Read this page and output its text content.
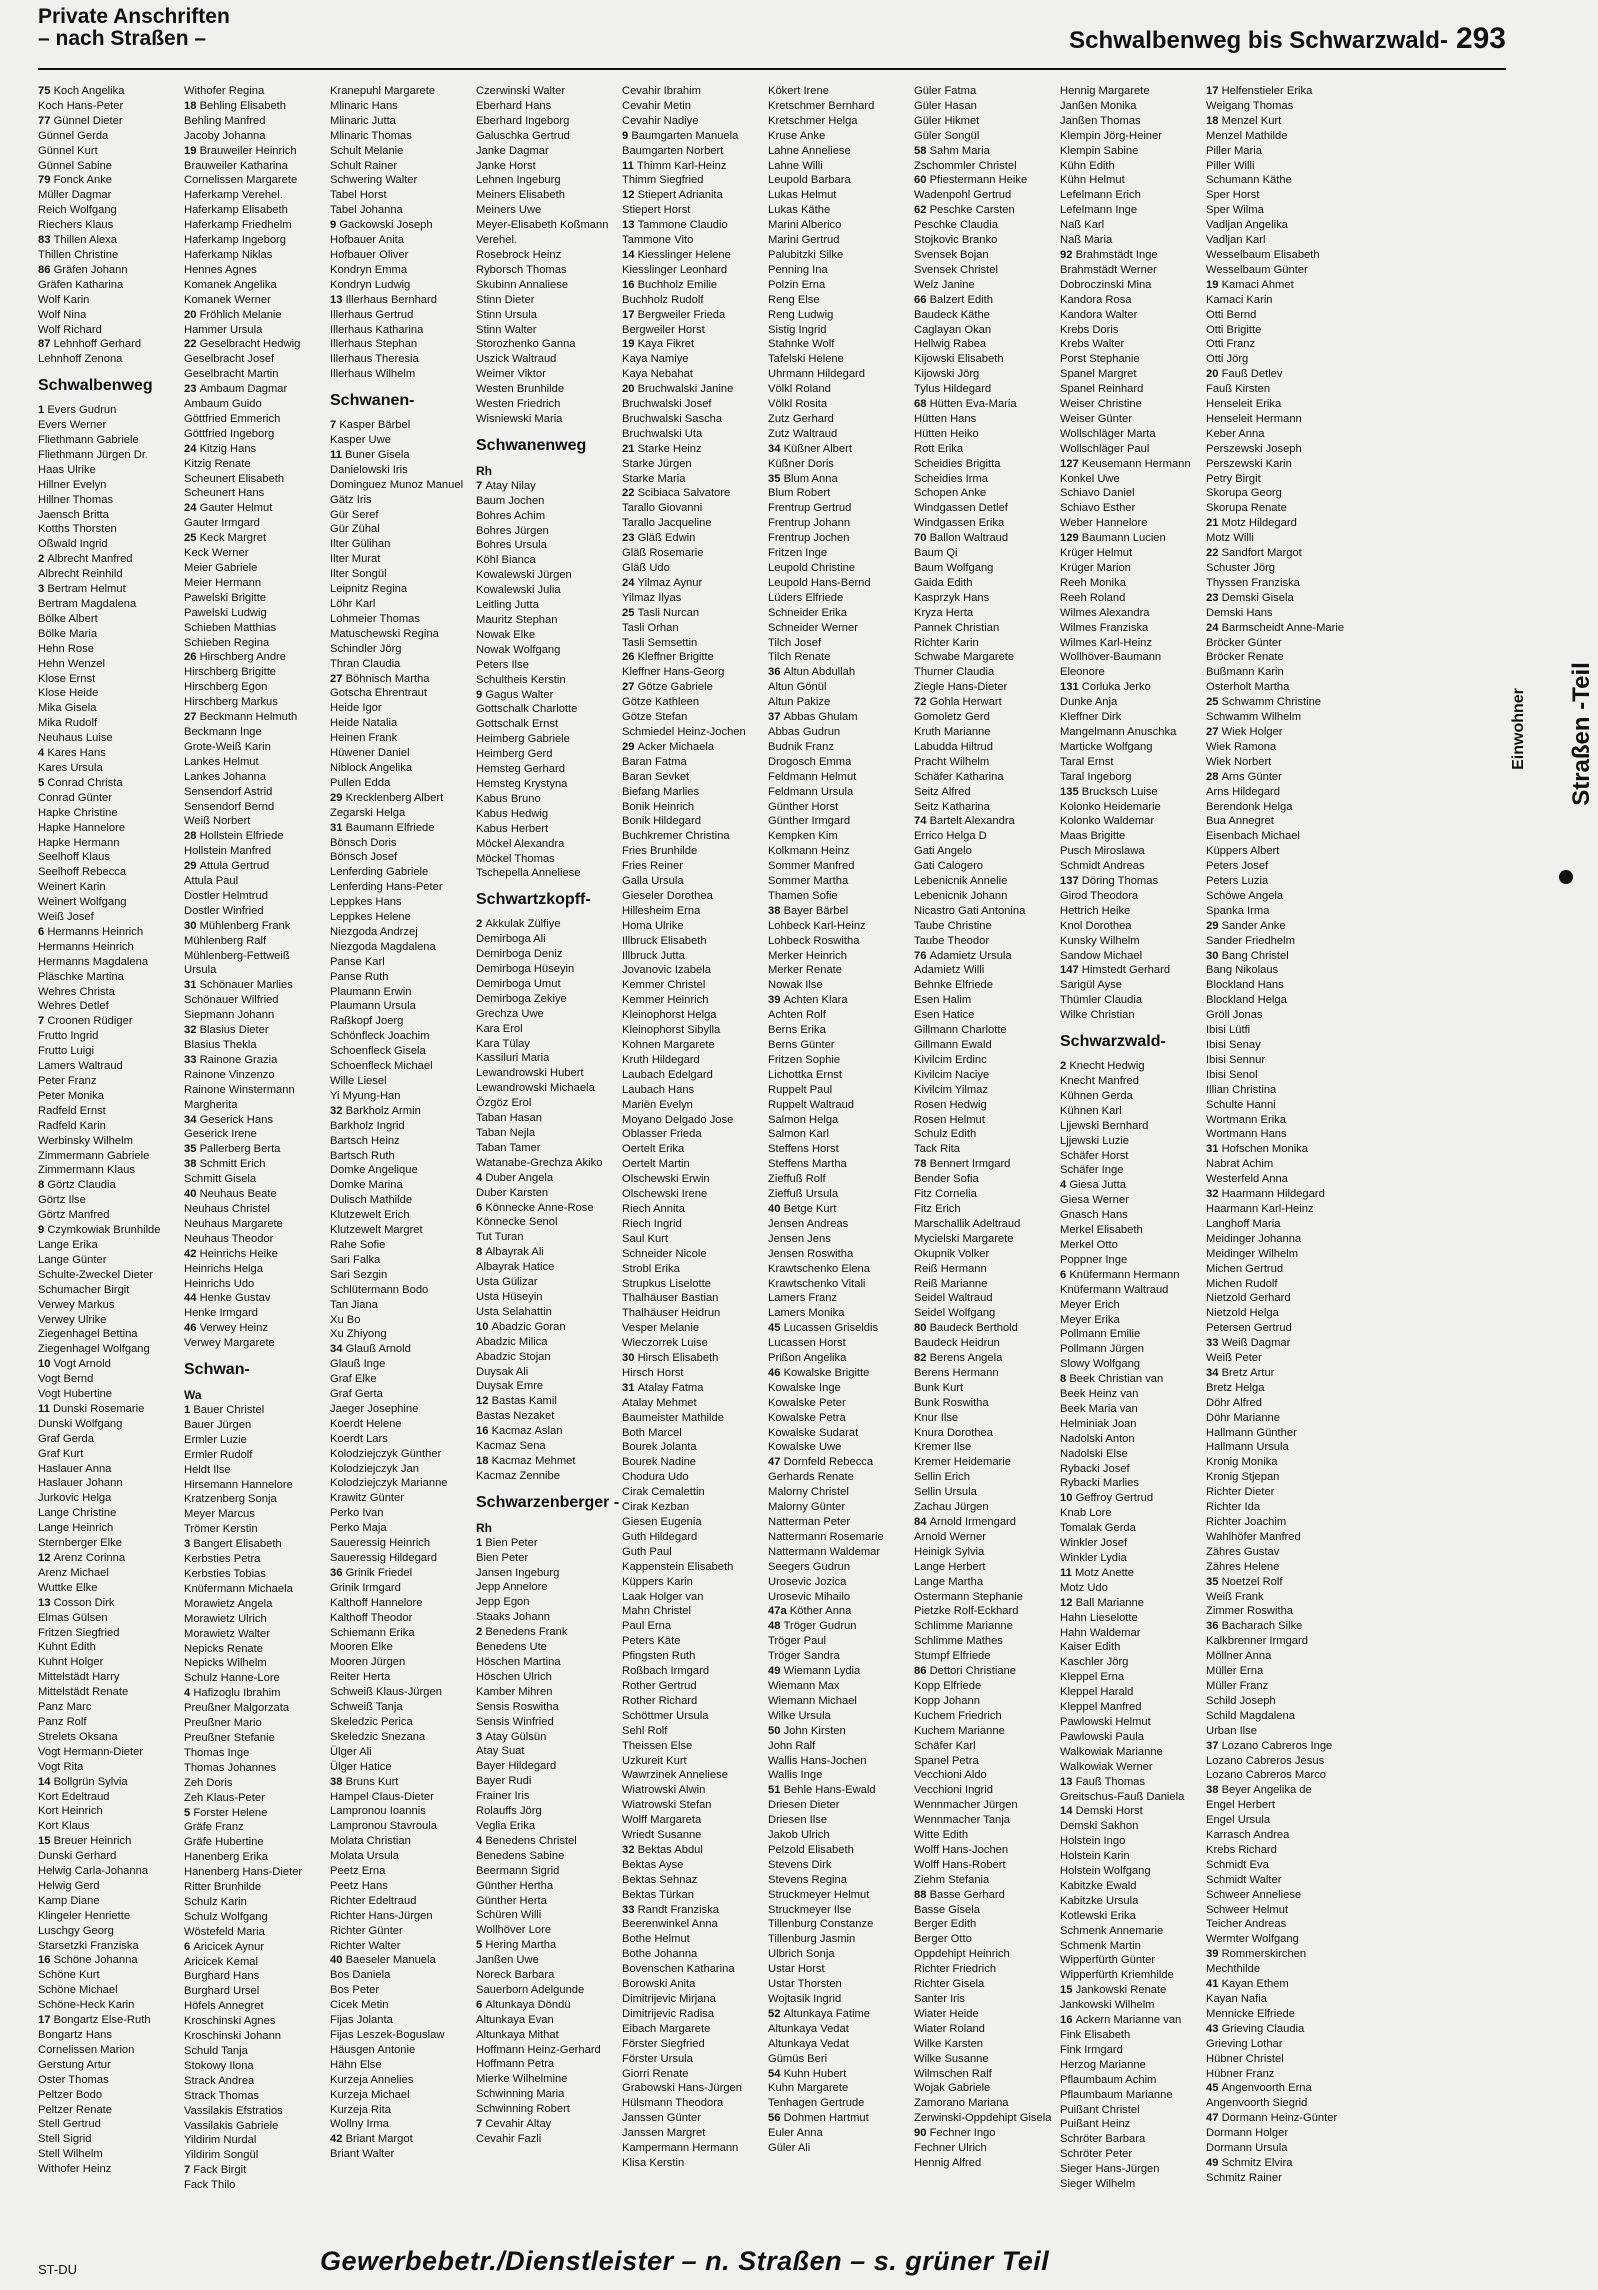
Private Anschriften
– nach Straßen –	Schwalbenweg bis Schwarzwald- 293
75 Koch Angelika
Koch Hans-Peter
77 Günnel Dieter
Günnel Gerda
Günnel Kurt
Günnel Sabine
79 Fonck Anke
Müller Dagmar
Reich Wolfgang
Riechers Klaus
83 Thillen Alexa
Thillen Christine
86 Gräfen Johann
Gräfen Katharina
Wolf Karin
Wolf Nina
Wolf Richard
87 Lehnhoff Gerhard
Lehnhoff Zenona
Schwalbenweg
1 Evers Gudrun
Evers Werner
Fliethmann Gabriele
Fliethmann Jürgen Dr.
Haas Ulrike
Hillner Evelyn
Hillner Thomas
Jaensch Britta
Kotths Thorsten
Oßwald Ingrid
2 Albrecht Manfred
Albrecht Reinhild
3 Bertram Helmut
Bertram Magdalena
Bölke Albert
Bölke Maria
Hehn Rose
Hehn Wenzel
Klose Ernst
Klose Heide
Mika Gisela
Mika Rudolf
Neuhaus Luise
4 Kares Hans
Kares Ursula
5 Conrad Christa
Conrad Günter
Hapke Christine
Hapke Hannelore
Hapke Hermann
Seelhoff Klaus
Seelhoff Rebecca
Weinert Karin
Weinert Wolfgang
Weiß Josef
6 Hermanns Heinrich
Hermanns Heinrich
Hermanns Magdalena
Pläschke Martina
Wehres Christa
Wehres Detlef
7 Croonen Rüdiger
Frutto Ingrid
Frutto Luigi
Lamers Waltraud
Peter Franz
Peter Monika
Radfeld Ernst
Radfeld Karin
Werbinsky Wilhelm
Zimmermann Gabriele
Zimmermann Klaus
8 Görtz Claudia
Görtz Ilse
Görtz Manfred
9 Czymkowiak Brunhilde
Lange Erika
Lange Günter
Schulte-Zweckel Dieter
Schumacher Birgit
Verwey Markus
Verwey Ulrike
Ziegenhagel Bettina
Ziegenhagel Wolfgang
10 Vogt Arnold
Vogt Bernd
Vogt Hubertine
11 Dunski Rosemarie
Dunski Wolfgang
Graf Gerda
Graf Kurt
Haslauer Anna
Haslauer Johann
Jurkovic Helga
Lange Christine
Lange Heinrich
Sternberger Elke
12 Arenz Corinna
Arenz Michael
Wuttke Elke
13 Cosson Dirk
Elmas Gülsen
Fritzen Siegfried
Kuhnt Edith
Kuhnt Holger
Mittelstädt Harry
Mittelstädt Renate
Panz Marc
Panz Rolf
Strelets Oksana
Vogt Hermann-Dieter
Vogt Rita
14 Bollgrün Sylvia
Kort Edeltraud
Kort Heinrich
Kort Klaus
15 Breuer Heinrich
Dunski Gerhard
Helwig Carla-Johanna
Helwig Gerd
Kamp Diane
Klingeler Henriette
Luschgy Georg
Starsetzki Franziska
16 Schöne Johanna
Schöne Kurt
Schöne Michael
Schöne-Heck Karin
17 Bongartz Else-Ruth
Bongartz Hans
Cornelissen Marion
Gerstung Artur
Oster Thomas
Peltzer Bodo
Peltzer Renate
Stell Gertrud
Stell Sigrid
Stell Wilhelm
Withofer Heinz
Withofer Regina
18 Behling Elisabeth
Behling Manfred
Jacoby Johanna
19 Brauweiler Heinrich
Brauweiler Katharina
Cornelissen Margarete
Haferkamp Verehel.
Haferkamp Elisabeth
Haferkamp Friedhelm
Haferkamp Ingeborg
Haferkamp Niklas
Hennes Agnes
Komanek Angelika
Komanek Werner
20 Fröhlich Melanie
Hammer Ursula
22 Geselbracht Hedwig
Geselbracht Josef
Geselbracht Martin
23 Ambaum Dagmar
Ambaum Guido
Göttfried Emmerich
Göttfried Ingeborg
24 Kitzig Hans
Kitzig Renate
Scheunert Elisabeth
Scheunert Hans
24 Gauter Helmut
Gauter Irmgard
25 Keck Margret
Keck Werner
Meier Gabriele
Meier Hermann
Pawelski Brigitte
Pawelski Ludwig
Schieben Matthias
Schieben Regina
26 Hirschberg Andre
Hirschberg Brigitte
Hirschberg Egon
Hirschberg Markus
27 Beckmann Helmuth
Beckmann Inge
Grote-Weiß Karin
Lankes Helmut
Lankes Johanna
Sensendorf Astrid
Sensendorf Bernd
Weiß Norbert
28 Hollstein Elfriede
Hollstein Manfred
29 Attula Gertrud
Attula Paul
Dostler Helmtrud
Dostler Winfried
30 Mühlenberg Frank
Mühlenberg Ralf
Mühlenberg-Fettweiß
Ursula
31 Schönauer Marlies
Schönauer Wilfried
Siepmann Johann
32 Blasius Dieter
Blasius Thekla
33 Rainone Grazia
Rainone Vinzenzo
Rainone Winstermann
Margherita
34 Geserick Hans
Geserick Irene
35 Pallerberg Berta
38 Schmitt Erich
Schmitt Gisela
40 Neuhaus Beate
Neuhaus Christel
Neuhaus Margarete
Neuhaus Theodor
42 Heinrichs Heike
Heinrichs Helga
Heinrichs Udo
44 Henke Gustav
Henke Irmgard
46 Verwey Heinz
Verwey Margarete
Schwan-
Wa
1 Bauer Christel
Bauer Jürgen
Ermler Luzie
Ermler Rudolf
Heldt Ilse
Hirsemann Hannelore
Kratzenberg Sonja
Meyer Marcus
Trömer Kerstin
3 Bangert Elisabeth
Kerbsties Petra
Kerbsties Tobias
Knüfermann Michaela
Morawietz Angela
Morawietz Ulrich
Morawietz Walter
Nepicks Renate
Nepicks Wilhelm
Schulz Hanne-Lore
4 Hafizoglu Ibrahim
Preußner Malgorzata
Preußner Mario
Preußner Stefanie
Thomas Inge
Thomas Johannes
Zeh Doris
Zeh Klaus-Peter
5 Forster Helene
Gräfe Franz
Gräfe Hubertine
Hanenberg Erika
Hanenberg Hans-Dieter
Ritter Brunhilde
Schulz Karin
Schulz Wolfgang
Wöstefeld Maria
6 Aricicek Aynur
Aricicek Kemal
Burghard Hans
Burghard Ursel
Höfels Annegret
Kroschinski Agnes
Kroschinski Johann
Schuld Tanja
Stokowy Ilona
Strack Andrea
Strack Thomas
Vassilakis Efstratios
Vassilakis Gabriele
Yildirim Nurdal
Yildirim Songül
7 Fack Birgit
Fack Thilo
Kranepuhl Margarete
Mlinaric Hans
Mlinaric Jutta
Mlinaric Thomas
Schult Melanie
Schult Rainer
Schwering Walter
Tabel Horst
Tabel Johanna
9 Gackowski Joseph
Hofbauer Anita
Hofbauer Oliver
Kondryn Emma
Kondryn Ludwig
13 Illerhaus Bernhard
Illerhaus Gertrud
Illerhaus Katharina
Illerhaus Stephan
Illerhaus Theresia
Illerhaus Wilhelm
Schwanen-
7 Kasper Bärbel
Kasper Uwe
11 Buner Gisela
Danielowski Iris
Dominguez Munoz Manuel
Gätz Iris
Gür Seref
Gür Zühal
Ilter Gülihan
Ilter Murat
Ilter Songül
Leipnitz Regina
Löhr Karl
Lohmeier Thomas
Matuschewski Regina
Schindler Jörg
Thran Claudia
27 Böhnisch Martha
Gotscha Ehrentraut
Heide Igor
Heide Natalia
Heinen Frank
Hüwener Daniel
Niblock Angelika
Pullen Edda
29 Krecklenberg Albert
Zegarski Helga
31 Baumann Elfriede
Bönsch Doris
Bönsch Josef
Lenferding Gabriele
Lenferding Hans-Peter
Leppkes Hans
Leppkes Helene
Niezgoda Andrzej
Niezgoda Magdalena
Panse Karl
Panse Ruth
Plaumann Erwin
Plaumann Ursula
Raßkopf Joerg
Schönfleck Joachim
Schoenfleck Gisela
Schoenfleck Michael
Wille Liesel
Yi Myung-Han
32 Barkholz Armin
Barkholz Ingrid
Bartsch Heinz
Bartsch Ruth
Domke Angelique
Domke Marina
Dulisch Mathilde
Klutzewelt Erich
Klutzewelt Margret
Rahe Sofie
Sari Falka
Sari Sezgin
Schlütermann Bodo
Tan Jiana
Xu Bo
Xu Zhiyong
34 Glauß Arnold
Glauß Inge
Graf Elke
Graf Gerta
Jaeger Josephine
Koerdt Helene
Koerdt Lars
Kolodziejczyk Günther
Kolodziejczyk Jan
Kolodziejczyk Marianne
Krawitz Günter
Perko Ivan
Perko Maja
Saueressig Heinrich
Saueressig Hildegard
36 Grinik Friedel
Grinik Irmgard
Kalthoff Hannelore
Kalthoff Theodor
Schiemann Erika
Mooren Elke
Mooren Jürgen
Reiter Herta
Schweiß Klaus-Jürgen
Schweiß Tanja
Skeledzic Perica
Skeledzic Snezana
Ülger Ali
Ülger Hatice
38 Bruns Kurt
Hampel Claus-Dieter
Lampronou Ioannis
Lampronou Stavroula
Molata Christian
Molata Ursula
Peetz Erna
Peetz Hans
Richter Edeltraud
Richter Hans-Jürgen
Richter Günter
Richter Walter
40 Baeseler Manuela
Bos Daniela
Bos Peter
Cicek Metin
Fijas Jolanta
Fijas Leszek-Boguslaw
Häusgen Antonie
Hähn Else
Kurzeja Annelies
Kurzeja Michael
Kurzeja Rita
Wollny Irma
42 Briant Margot
Briant Walter
Czerwinski Walter
Eberhard Hans
Eberhard Ingeborg
Galuschka Gertrud
Janke Dagmar
Janke Horst
Lehnen Ingeburg
Meiners Elisabeth
Meiners Uwe
Meyer-Elisabeth Koßmann
Verehel.
Rosebrock Heinz
Ryborsch Thomas
Skubinn Annaliese
Stinn Dieter
Stinn Ursula
Stinn Walter
Storozhenko Ganna
Uszick Waltraud
Weimer Viktor
Westen Brunhilde
Westen Friedrich
Wisniewski Maria
Schwanenweg
Rh
7 Atay Nilay
Baum Jochen
Bohres Achim
Bohres Jürgen
Bohres Ursula
Köhl Bianca
Kowalewski Jürgen
Kowalewski Julia
Leitling Jutta
Mauritz Stephan
Nowak Elke
Nowak Wolfgang
Peters Ilse
Schultheis Kerstin
9 Gagus Walter
Gottschalk Charlotte
Gottschalk Ernst
Heimberg Gabriele
Heimberg Gerd
Hemsteg Gerhard
Hemsteg Krystyna
Kabus Bruno
Kabus Hedwig
Kabus Herbert
Möckel Alexandra
Möckel Thomas
Tschepella Anneliese
Schwartzkopff-
2 Akkulak Zülfiye
Demirboga Ali
Demirboga Deniz
Demirboga Hüseyin
Demirboga Umut
Demirboga Zekiye
Grechza Uwe
Kara Erol
Kara Tülay
Kassiluri Maria
Lewandrowski Hubert
Lewandrowski Michaela
Özgöz Erol
Taban Hasan
Taban Nejla
Taban Tamer
Watanabe-Grechza Akiko
4 Duber Angela
Duber Karsten
6 Könnecke Anne-Rose
Könnecke Senol
Tut Turan
8 Albayrak Ali
Albayrak Hatice
Usta Gülizar
Usta Hüseyin
Usta Selahattin
10 Abadzic Goran
Abadzic Milica
Abadzic Stojan
Duysak Ali
Duysak Emre
12 Bastas Kamil
Bastas Nezaket
16 Kacmaz Aslan
Kacmaz Sena
18 Kacmaz Mehmet
Kacmaz Zennibe
Schwarzenberger -
Rh
1 Bien Peter
Bien Peter
Jansen Ingeburg
Jepp Annelore
Jepp Egon
Staaks Johann
2 Benedens Frank
Benedens Ute
Höschen Martina
Höschen Ulrich
Kamber Mihren
Sensis Roswitha
Sensis Winfried
3 Atay Gülsün
Atay Suat
Bayer Hildegard
Bayer Rudi
Frainer Iris
Rolauffs Jörg
Veglia Erika
4 Benedens Christel
Benedens Sabine
Beermann Sigrid
Günther Hertha
Günther Herta
Schüren Willi
Wollhöver Lore
5 Hering Martha
Janßen Uwe
Noreck Barbara
Sauerborn Adelgunde
6 Altunkaya Döndü
Altunkaya Evan
Altunkaya Mithat
Hoffmann Heinz-Gerhard
Hoffmann Petra
Mierke Wilhelmine
Schwinning Maria
Schwinning Robert
7 Cevahir Altay
Cevahir Fazli
Cevahir Ibrahim
Cevahir Metin
Cevahir Nadiye
9 Baumgarten Manuela
Baumgarten Norbert
11 Thimm Karl-Heinz
Thimm Siegfried
12 Stiepert Adrianita
Stiepert Horst
13 Tammone Claudio
Tammone Vito
14 Kiesslinger Helene
Kiesslinger Leonhard
16 Buchholz Emilie
Buchholz Rudolf
17 Bergweiler Frieda
Bergweiler Horst
19 Kaya Fikret
Kaya Namiye
Kaya Nebahat
20 Bruchwalski Janine
Bruchwalski Josef
Bruchwalski Sascha
Bruchwalski Uta
21 Starke Heinz
Starke Jürgen
Starke Maria
22 Scibiaca Salvatore
Tarallo Giovanni
Tarallo Jacqueline
23 Gläß Edwin
Gläß Rosemarie
Gläß Udo
24 Yilmaz Aynur
Yilmaz Ilyas
25 Tasli Nurcan
Tasli Orhan
Tasli Semsettin
26 Kleffner Brigitte
Kleffner Hans-Georg
27 Götze Gabriele
Götze Kathleen
Götze Stefan
Schmiedel Heinz-Jochen
29 Acker Michaela
Baran Fatma
Baran Sevket
Biefang Marlies
Bonik Heinrich
Bonik Hildegard
Buchkremer Christina
Fries Brunhilde
Fries Reiner
Galla Ursula
Gieseler Dorothea
Hillesheim Erna
Homa Ulrike
Illbruck Elisabeth
Illbruck Jutta
Jovanovic Izabela
Kemmer Christel
Kemmer Heinrich
Kleinophorst Helga
Kleinophorst Sibylla
Kohnen Margarete
Kruth Hildegard
Laubach Edelgard
Laubach Hans
Mariën Evelyn
Moyano Delgado Jose
Oblasser Frieda
Oertelt Erika
Oertelt Martin
Olschewski Erwin
Olschewski Irene
Riech Annita
Riech Ingrid
Saul Kurt
Schneider Nicole
Strobl Erika
Strupkus Liselotte
Thalhäuser Bastian
Thalhäuser Heidrun
Vesper Melanie
Wieczorrek Luise
30 Hirsch Elisabeth
Hirsch Horst
31 Atalay Fatma
Atalay Mehmet
Baumeister Mathilde
Both Marcel
Bourek Jolanta
Bourek Nadine
Chodura Udo
Cirak Cemalettin
Cirak Kezban
Giesen Eugenia
Guth Hildegard
Guth Paul
Kappenstein Elisabeth
Küppers Karin
Laak Holger van
Mahn Christel
Paul Erna
Peters Käte
Pfingsten Ruth
Roßbach Irmgard
Rother Gertrud
Rother Richard
Schöttmer Ursula
Sehl Rolf
Theissen Else
Uzkureit Kurt
Wawrzinek Anneliese
Wiatrowski Alwin
Wiatrowski Stefan
Wolff Margareta
Wriedt Susanne
32 Bektas Abdul
Bektas Ayse
Bektas Sehnaz
Bektas Türkan
33 Randt Franziska
Beerenwinkel Anna
Bothe Helmut
Bothe Johanna
Bovenschen Katharina
Borowski Anita
Dimitrijevic Mirjana
Dimitrijevic Radisa
Eibach Margarete
Förster Siegfried
Förster Ursula
Giorri Renate
Grabowski Hans-Jürgen
Hülsmann Theodora
Janssen Günter
Janssen Margret
Kampermann Hermann
Klisa Kerstin
Kökert Irene
Kretschmer Bernhard
Kretschmer Helga
Kruse Anke
Lahne Anneliese
Lahne Willi
Leupold Barbara
Lukas Helmut
Lukas Käthe
Marini Alberico
Marini Gertrud
Palubitzki Silke
Penning Ina
Polzin Erna
Reng Else
Reng Ludwig
Sistig Ingrid
Stahnke Wolf
Tafelski Helene
Uhrmann Hildegard
Völkl Roland
Völkl Rosita
Zutz Gerhard
Zutz Waltraud
34 Küßner Albert
Küßner Doris
35 Blum Anna
Blum Robert
Frentrup Gertrud
Frentrup Johann
Frentrup Jochen
Fritzen Inge
Leupold Christine
Leupold Hans-Bernd
Lüders Elfriede
Schneider Erika
Schneider Werner
Tilch Josef
Tilch Renate
36 Altun Abdullah
Altun Gönül
Altun Pakize
37 Abbas Ghulam
Abbas Gudrun
Budnik Franz
Drogosch Emma
Feldmann Helmut
Feldmann Ursula
Günther Horst
Günther Irmgard
Kempken Kim
Kolkmann Heinz
Sommer Manfred
Sommer Martha
Thamen Sofie
38 Bayer Bärbel
Lohbeck Karl-Heinz
Lohbeck Roswitha
Merker Heinrich
Merker Renate
Nowak Ilse
39 Achten Klara
Achten Rolf
Berns Erika
Berns Günter
Fritzen Sophie
Lichottka Ernst
Ruppelt Paul
Ruppelt Waltraud
Salmon Helga
Salmon Karl
Steffens Horst
Steffens Martha
Zieffuß Rolf
Zieffuß Ursula
40 Betge Kurt
Jensen Andreas
Jensen Jens
Jensen Roswitha
Krawtschenko Elena
Krawtschenko Vitali
Lamers Franz
Lamers Monika
45 Lucassen Griseldis
Lucassen Horst
Prißon Angelika
46 Kowalske Brigitte
Kowalske Inge
Kowalske Peter
Kowalske Petra
Kowalske Sudarat
Kowalske Uwe
47 Dornfeld Rebecca
Gerhards Renate
Malorny Christel
Malorny Günter
Natterman Peter
Nattermann Rosemarie
Nattermann Waldemar
Seegers Gudrun
Urosevic Jozica
Urosevic Mihailo
47a Köther Anna
48 Tröger Gudrun
Tröger Paul
Tröger Sandra
49 Wiemann Lydia
Wiemann Max
Wiemann Michael
Wilke Ursula
50 John Kirsten
John Ralf
Wallis Hans-Jochen
Wallis Inge
51 Behle Hans-Ewald
Driesen Dieter
Driesen Ilse
Jakob Ulrich
Pelzold Elisabeth
Stevens Dirk
Stevens Regina
Struckmeyer Helmut
Struckmeyer Ilse
Tillenburg Constanze
Tillenburg Jasmin
Ulbrich Sonja
Ustar Horst
Ustar Thorsten
Wojtasik Ingrid
52 Altunkaya Fatime
Altunkaya Vedat
Altunkaya Vedat
Gümüs Beri
54 Kuhn Hubert
Kuhn Margarete
Tenhagen Gertrude
56 Dohmen Hartmut
Euler Anna
Güler Ali
Güler Fatma
Güler Hasan
Güler Hikmet
Güler Songül
58 Sahm Maria
Zschommler Christel
60 Pfiestermann Heike
Wadenpohl Gertrud
62 Peschke Carsten
Peschke Claudia
Stojkovic Branko
Svensek Bojan
Svensek Christel
Welz Janine
66 Balzert Edith
Baudeck Käthe
Caglayan Okan
Hellwig Rabea
Kijowski Elisabeth
Kijowski Jörg
Tylus Hildegard
68 Hütten Eva-Maria
Hütten Hans
Hütten Heiko
Rott Erika
Scheidies Brigitta
Scheidies Irma
Schopen Anke
Windgassen Detlef
Windgassen Erika
70 Ballon Waltraud
Baum Qi
Baum Wolfgang
Gaida Edith
Kasprzyk Hans
Kryza Herta
Pannek Christian
Richter Karin
Schwabe Margarete
Thurner Claudia
Ziegle Hans-Dieter
72 Gohla Herwart
Gomoletz Gerd
Kruth Marianne
Labuddа Hiltrud
Pracht Wilhelm
Schäfer Katharina
Seitz Alfred
Seitz Katharina
74 Bartelt Alexandra
Errico Helga D
Gati Angelo
Gati Calogero
Lebenicnik Annelie
Lebenicnik Johann
Nicastro Gati Antonina
Taube Christine
Taube Theodor
76 Adamietz Ursula
Adamietz Willi
Behnke Elfriede
Esen Halim
Esen Hatice
Gillmann Charlotte
Gillmann Ewald
Kivilcim Erdinc
Kivilcim Naciye
Kivilcim Yilmaz
Rosen Hedwig
Rosen Helmut
Schulz Edith
Tack Rita
78 Bennert Irmgard
Bender Sofia
Fitz Cornelia
Fitz Erich
Marschallik Adeltraud
Mycielski Margarete
Okupnik Volker
Reiß Hermann
Reiß Marianne
Seidel Waltraud
Seidel Wolfgang
80 Baudeck Berthold
Baudeck Heidrun
82 Berens Angela
Berens Hermann
Bunk Kurt
Bunk Roswitha
Knur Ilse
Knura Dorothea
Kremer Ilse
Kremer Heidemarie
Sellin Erich
Sellin Ursula
Zachau Jürgen
84 Arnold Irmengard
Arnold Werner
Heinigk Sylvia
Lange Herbert
Lange Martha
Ostermann Stephanie
Pietzke Rolf-Eckhard
Schlimme Marianne
Schlimme Mathes
Stumpf Elfriede
86 Dettori Christiane
Kopp Elfriede
Kopp Johann
Kuchem Friedrich
Kuchem Marianne
Schäfer Karl
Spanel Petra
Vecchioni Aldo
Vecchioni Ingrid
Wennmacher Jürgen
Wennmacher Tanja
Witte Edith
Wolff Hans-Jochen
Wolff Hans-Robert
Ziehm Stefania
88 Basse Gerhard
Basse Gisela
Berger Edith
Berger Otto
Oppdehipt Heinrich
Richter Friedrich
Richter Gisela
Santer Iris
Wiater Heide
Wiater Roland
Wilke Karsten
Wilke Susanne
Wilmschen Ralf
Wojak Gabriele
Zamorano Mariana
Zerwinski-Oppdehipt Gisela
90 Fechner Ingo
Fechner Ulrich
Hennig Alfred
Hennig Margarete
Janßen Monika
Janßen Thomas
Klempin Jörg-Heiner
Klempin Sabine
Kühn Edith
Kühn Helmut
Lefelmann Erich
Lefelmann Inge
Naß Karl
Naß Maria
92 Brahmstädt Inge
Brahmstädt Werner
Dobroczinski Mina
Kandora Rosa
Kandora Walter
Krebs Doris
Krebs Walter
Porst Stephanie
Spanel Margret
Spanel Reinhard
Weiser Christine
Weiser Günter
Wollschläger Marta
Wollschläger Paul
127 Keusemann Hermann
Konkel Uwe
Schiavo Daniel
Schiavo Esther
Weber Hannelore
129 Baumann Lucien
Krüger Helmut
Krüger Marion
Reeh Monika
Reeh Roland
Wilmes Alexandra
Wilmes Franziska
Wilmes Karl-Heinz
Wollhöver-Baumann
Eleonore
131 Corluka Jerko
Dunke Anja
Kleffner Dirk
Mangelmann Anuschka
Marticke Wolfgang
Taral Ernst
Taral Ingeborg
135 Brucksch Luise
Kolonko Heidemarie
Kolonko Waldemar
Maas Brigitte
Pusch Miroslawa
Schmidt Andreas
137 Döring Thomas
Girod Theodora
Hettrich Heike
Knol Dorothea
Kunsky Wilhelm
Sandow Michael
147 Himstedt Gerhard
Sarigül Ayse
Thümler Claudia
Wilke Christian
Schwarzwald-
2 Knecht Hedwig
Knecht Manfred
Kühnen Gerda
Kühnen Karl
Ljjewski Bernhard
Ljjewski Luzie
Schäfer Horst
Schäfer Inge
4 Giesa Jutta
Giesa Werner
Gnasch Hans
Merkel Elisabeth
Merkel Otto
Poppner Inge
6 Knüfermann Hermann
Knüfermann Waltraud
Meyer Erich
Meyer Erika
Pollmann Emilie
Pollmann Jürgen
Slowy Wolfgang
8 Beek Christian van
Beek Heinz van
Beek Maria van
Helminiak Joan
Nadolski Anton
Nadolski Else
Rybacki Josef
Rybacki Marlies
10 Geffroy Gertrud
Knab Lore
Tomalak Gerda
Winkler Josef
Winkler Lydia
11 Motz Anette
Motz Udo
12 Ball Marianne
Hahn Lieselotte
Hahn Waldemar
Kaiser Edith
Kaschler Jörg
Kleppel Erna
Kleppel Harald
Kleppel Manfred
Pawlowski Helmut
Pawlowski Paula
Walkowiak Marianne
Walkowiak Werner
13 Fauß Thomas
Greitschus-Fauß Daniela
14 Demski Horst
Demski Sakhon
Holstein Ingo
Holstein Karin
Holstein Wolfgang
Kabitzke Ewald
Kabitzke Ursula
Kotlewski Erika
Schmenk Annemarie
Schmenk Martin
Wipperfürth Günter
Wipperfürth Kriemhilde
15 Jankowski Renate
Jankowski Wilhelm
16 Ackern Marianne van
Fink Elisabeth
Fink Irmgard
Herzog Marianne
Pflaumbaum Achim
Pflaumbaum Marianne
Puißant Christel
Puißant Heinz
Schröter Barbara
Schröter Peter
Sieger Hans-Jürgen
Sieger Wilhelm
17 Helfenstieler Erika
Weigang Thomas
18 Menzel Kurt
Menzel Mathilde
Piller Maria
Piller Willi
Schumann Käthe
Sper Horst
Sper Wilma
Vadljan Angelika
Vadljan Karl
Wesselbaum Elisabeth
Wesselbaum Günter
19 Kamaci Ahmet
Kamaci Karin
Otti Bernd
Otti Brigitte
Otti Franz
Otti Jörg
20 Fauß Detlev
Fauß Kirsten
Henseleit Erika
Henseleit Hermann
Keber Anna
Perszewski Joseph
Perszewski Karin
Petry Birgit
Skorupa Georg
Skorupa Renate
21 Motz Hildegard
Motz Willi
22 Sandfort Margot
Schuster Jörg
Thyssen Franziska
23 Demski Gisela
Demski Hans
24 Barmscheidt Anne-Marie
Bröcker Günter
Bröcker Renate
Bußmann Karin
Osterholt Martha
25 Schwamm Christine
Schwamm Wilhelm
27 Wiek Holger
Wiek Ramona
Wiek Norbert
28 Arns Günter
Arns Hildegard
Berendonk Helga
Bua Annegret
Eisenbach Michael
Küppers Albert
Peters Josef
Peters Luzia
Schöwe Angela
Spanka Irma
29 Sander Anke
Sander Friedhelm
30 Bang Christel
Bang Nikolaus
Blockland Hans
Blockland Helga
Gröll Jonas
Ibisi Lütfi
Ibisi Senay
Ibisi Sennur
Ibisi Senol
Illian Christina
Schulte Hanni
Wortmann Erika
Wortmann Hans
31 Hofschen Monika
Nabrat Achim
Westerfeld Anna
32 Haarmann Hildegard
Haarmann Karl-Heinz
Langhoff Maria
Meidinger Johanna
Meidinger Wilhelm
Michen Gertrud
Michen Rudolf
Nietzold Gerhard
Nietzold Helga
Petersen Gertrud
33 Weiß Dagmar
Weiß Peter
34 Bretz Artur
Bretz Helga
Döhr Alfred
Döhr Marianne
Hallmann Günther
Hallmann Ursula
Kronig Monika
Kronig Stjepan
Richter Dieter
Richter Ida
Richter Joachim
Wahlhöfer Manfred
Zähres Gustav
Zähres Helene
35 Noetzel Rolf
Weiß Frank
Zimmer Roswitha
36 Bacharach Silke
Kalkbrenner Irmgard
Möllner Anna
Müller Erna
Müller Franz
Schild Joseph
Schild Magdalena
Urban Ilse
37 Lozano Cabreros Inge
Lozano Cabreros Jesus
Lozano Cabreros Marco
38 Beyer Angelika de
Engel Herbert
Engel Ursula
Karrasch Andrea
Krebs Richard
Schmidt Eva
Schmidt Walter
Schweer Anneliese
Schweer Helmut
Teicher Andreas
Wermter Wolfgang
39 Rommerskirchen
Mechthilde
41 Kayan Ethem
Kayan Nafia
Mennicke Elfriede
43 Grieving Claudia
Grieving Lothar
Hübner Christel
Hübner Franz
45 Angenvoorth Erna
Angenvoorth Siegrid
47 Dormann Heinz-Günter
Dormann Holger
Dormann Ursula
49 Schmitz Elvira
Schmitz Rainer
Einwohner Straßen -Teil
ST-DU	Gewerbebetr./Dienstleister – n. Straßen – s. grüner Teil
